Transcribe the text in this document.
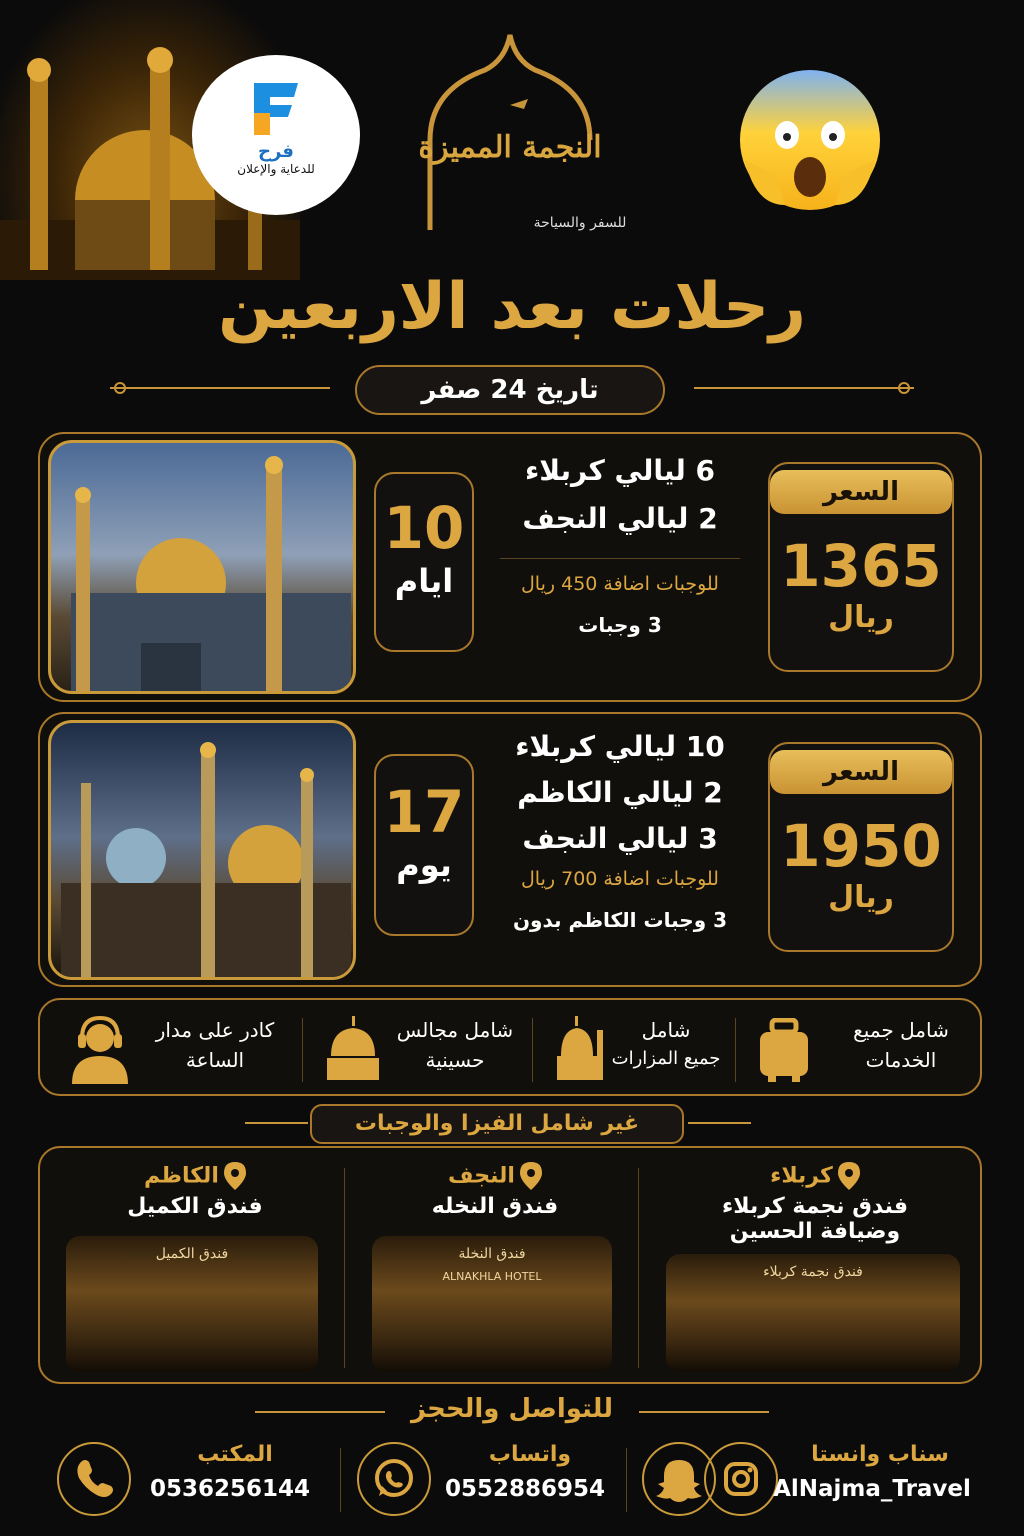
فرح
للدعاية والإعلان
النجمة المميزة
للسفر والسياحة
رحلات بعد الاربعين
تاريخ 24 صفر
10
ايام
6 ليالي كربلاء
2 ليالي النجف
للوجبات اضافة 450 ريال
3 وجبات
السعر
1365
ريال
17
يوم
10 ليالي كربلاء
2 ليالي الكاظم
3 ليالي النجف
للوجبات اضافة 700 ريال
3 وجبات الكاظم بدون
السعر
1950
ريال
شامل جميع
الخدمات
شامل
جميع المزارات
شامل مجالس
حسينية
كادر على مدار
الساعة
غير شامل الفيزا والوجبات
كربلاء
فندق نجمة كربلاء
وضيافة الحسين
فندق نجمة كربلاء
النجف
فندق النخله
فندق النخلة
ALNAKHLA HOTEL
الكاظم
فندق الكميل
فندق الكميل
للتواصل والحجز
سناب وانستا
AlNajma_Travel
واتساب
0552886954
المكتب
0536256144
